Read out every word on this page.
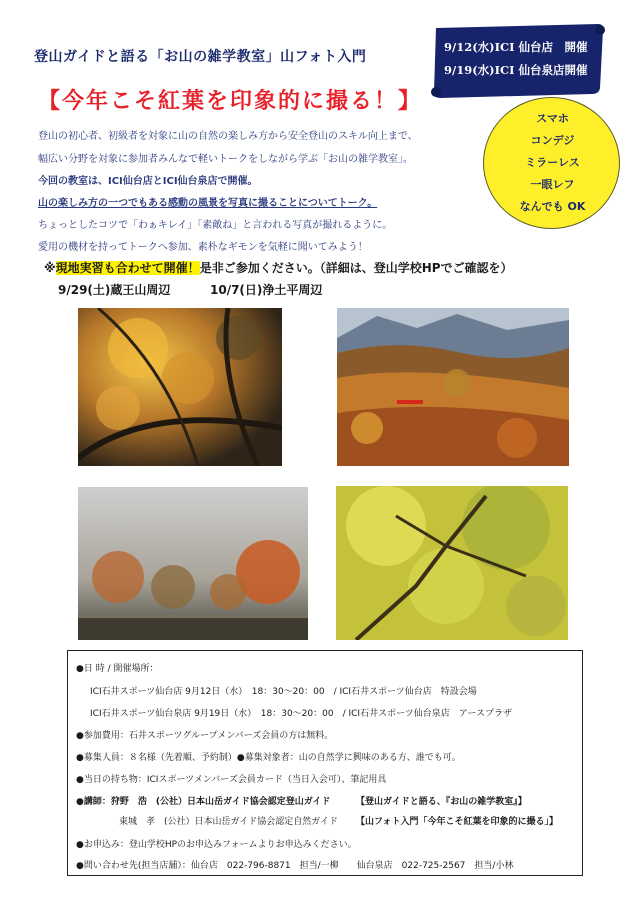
登山ガイドと語る「お山の雑学教室」山フォト入門
9/12(水)ICI 仙台店　開催
9/19(水)ICI 仙台泉店開催
【今年こそ紅葉を印象的に撮る！】
スマホ
コンデジ
ミラーレス
一眼レフ
なんでも OK
登山の初心者、初級者を対象に山の自然の楽しみ方から安全登山のスキル向上まで、
幅広い分野を対象に参加者みんなで軽いトークをしながら学ぶ「お山の雑学教室」。
今回の教室は、ICI仙台店とICI仙台泉店で開催。
山の楽しみ方の一つでもある感動の風景を写真に撮ることについてトーク。
ちょっとしたコツで「わぁキレイ」「素敵ね」と言われる写真が撮れるように。
愛用の機材を持ってトークへ参加、素朴なギモンを気軽に聞いてみよう！
※現地実習も合わせて開催！是非ご参加ください。（詳細は、登山学校HPでご確認を）
9/29(土)蔵王山周辺	10/7(日)浄土平周辺
●日 時 / 開催場所：
ICI石井スポーツ仙台店 9月12日（水）　18：30～20：00　/ ICI石井スポーツ仙台店　特設会場
ICI石井スポーツ仙台泉店 9月19日（水）　18：30～20：00　/ ICI石井スポーツ仙台泉店　アースプラザ
●参加費用：石井スポーツグループメンバーズ会員の方は無料。
●募集人員：８名様（先着順、予約制）●募集対象者：山の自然学に興味のある方、誰でも可。
●当日の持ち物：ICIスポーツメンバーズ会員カード（当日入会可）、筆記用具
●講師：狩野　浩　(公社）日本山岳ガイド協会認定登山ガイド	【登山ガイドと語る、『お山の雑学教室』】
東城　孝　(公社）日本山岳ガイド協会認定自然ガイド 【山フォト入門「今年こそ紅葉を印象的に撮る」】
●お申込み：登山学校HPのお申込みフォームよりお申込みください。
●問い合わせ先(担当店舗）：仙台店　022-796-8871　担当/一柳　　仙台泉店　022-725-2567　担当/小林
